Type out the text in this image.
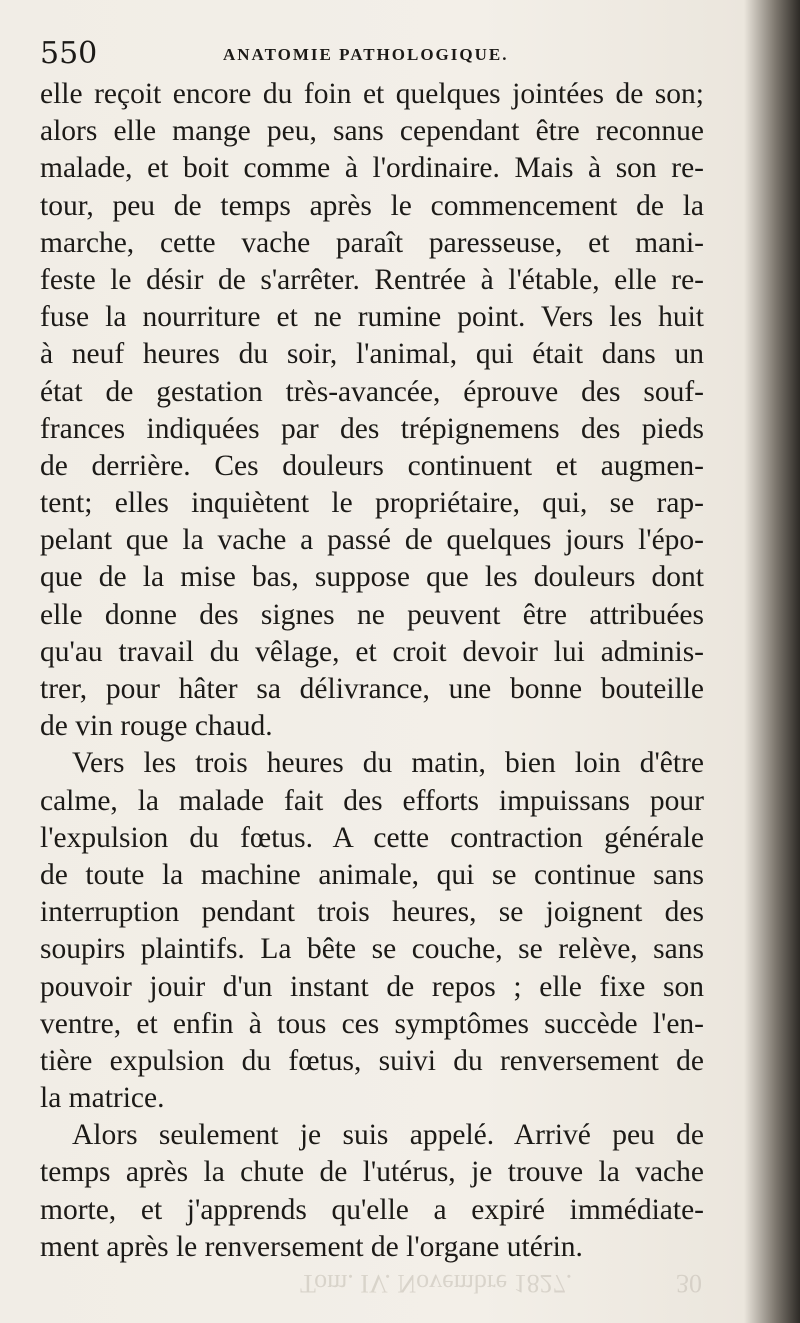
550	ANATOMIE PATHOLOGIQUE.
elle reçoit encore du foin et quelques jointées de son;
alors elle mange peu, sans cependant être reconnue
malade, et boit comme à l'ordinaire. Mais à son re-
tour, peu de temps après le commencement de la
marche, cette vache paraît paresseuse, et mani-
feste le désir de s'arrêter. Rentrée à l'étable, elle re-
fuse la nourriture et ne rumine point. Vers les huit
à neuf heures du soir, l'animal, qui était dans un
état de gestation très-avancée, éprouve des souf-
frances indiquées par des trépignemens des pieds
de derrière. Ces douleurs continuent et augmen-
tent; elles inquiètent le propriétaire, qui, se rap-
pelant que la vache a passé de quelques jours l'épo-
que de la mise bas, suppose que les douleurs dont
elle donne des signes ne peuvent être attribuées
qu'au travail du vêlage, et croit devoir lui adminis-
trer, pour hâter sa délivrance, une bonne bouteille
de vin rouge chaud.
Vers les trois heures du matin, bien loin d'être
calme, la malade fait des efforts impuissans pour
l'expulsion du fœtus. A cette contraction générale
de toute la machine animale, qui se continue sans
interruption pendant trois heures, se joignent des
soupirs plaintifs. La bête se couche, se relève, sans
pouvoir jouir d'un instant de repos ; elle fixe son
ventre, et enfin à tous ces symptômes succède l'en-
tière expulsion du fœtus, suivi du renversement de
la matrice.
Alors seulement je suis appelé. Arrivé peu de
temps après la chute de l'utérus, je trouve la vache
morte, et j'apprends qu'elle a expiré immédiate-
ment après le renversement de l'organe utérin.
Tom. IV. Novembre 1827.	30
